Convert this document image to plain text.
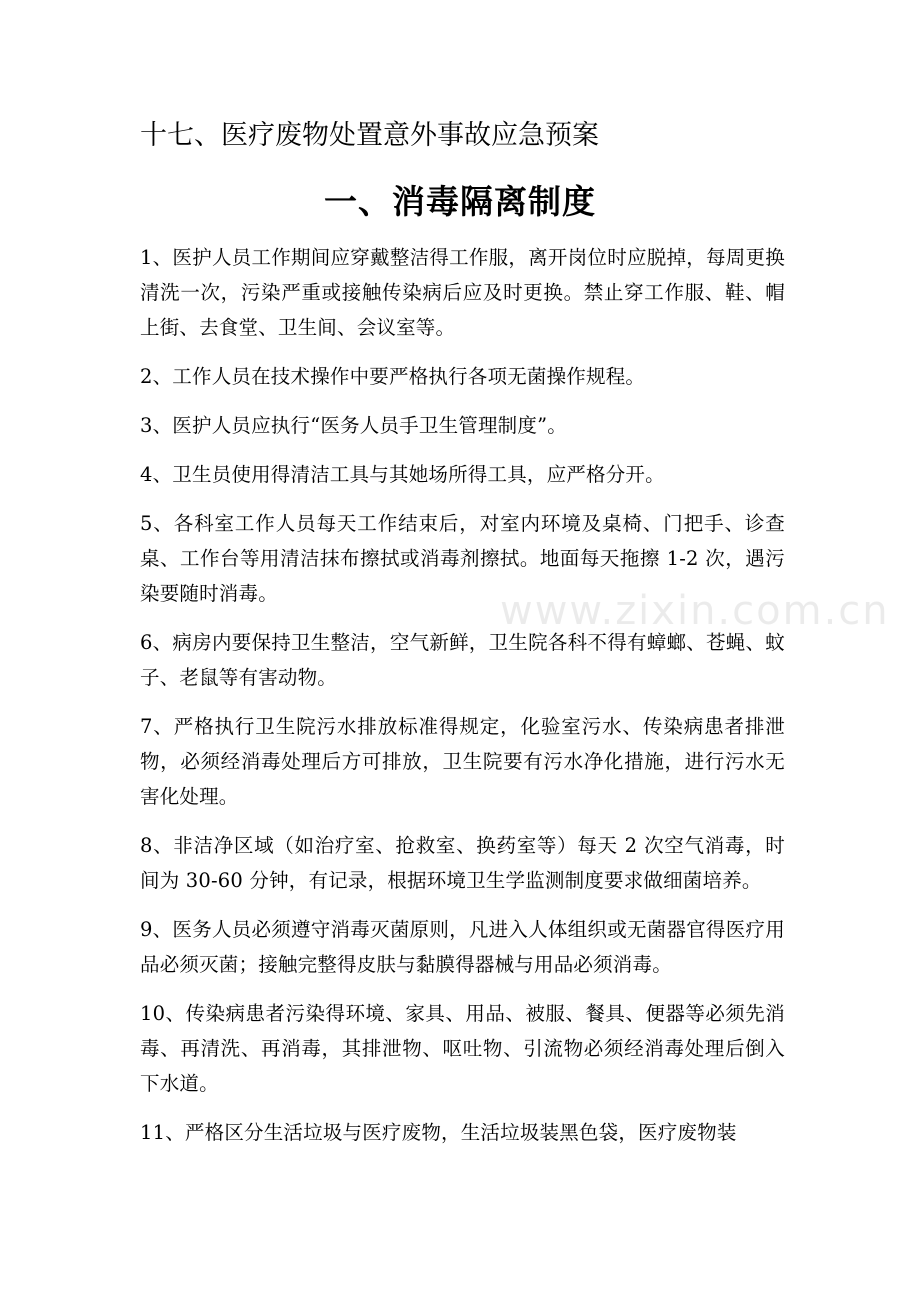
十七、医疗废物处置意外事故应急预案
一、消毒隔离制度

1、医护人员工作期间应穿戴整洁得工作服，离开岗位时应脱掉，每周更换清洗一次，污染严重或接触传染病后应及时更换。禁止穿工作服、鞋、帽上街、去食堂、卫生间、会议室等。

2、工作人员在技术操作中要严格执行各项无菌操作规程。

3、医护人员应执行“医务人员手卫生管理制度”。

4、卫生员使用得清洁工具与其她场所得工具，应严格分开。

5、各科室工作人员每天工作结束后，对室内环境及桌椅、门把手、诊查桌、工作台等用清洁抹布擦拭或消毒剂擦拭。地面每天拖擦 1-2 次，遇污染要随时消毒。

6、病房内要保持卫生整洁，空气新鲜，卫生院各科不得有蟑螂、苍蝇、蚊子、老鼠等有害动物。

7、严格执行卫生院污水排放标准得规定，化验室污水、传染病患者排泄物，必须经消毒处理后方可排放，卫生院要有污水净化措施，进行污水无害化处理。

8、非洁净区域（如治疗室、抢救室、换药室等）每天 2 次空气消毒，时间为 30-60 分钟，有记录，根据环境卫生学监测制度要求做细菌培养。

9、医务人员必须遵守消毒灭菌原则，凡进入人体组织或无菌器官得医疗用品必须灭菌；接触完整得皮肤与黏膜得器械与用品必须消毒。

10、传染病患者污染得环境、家具、用品、被服、餐具、便器等必须先消毒、再清洗、再消毒，其排泄物、呕吐物、引流物必须经消毒处理后倒入下水道。

11、严格区分生活垃圾与医疗废物，生活垃圾装黑色袋，医疗废物装

www.zixin.com.cn
